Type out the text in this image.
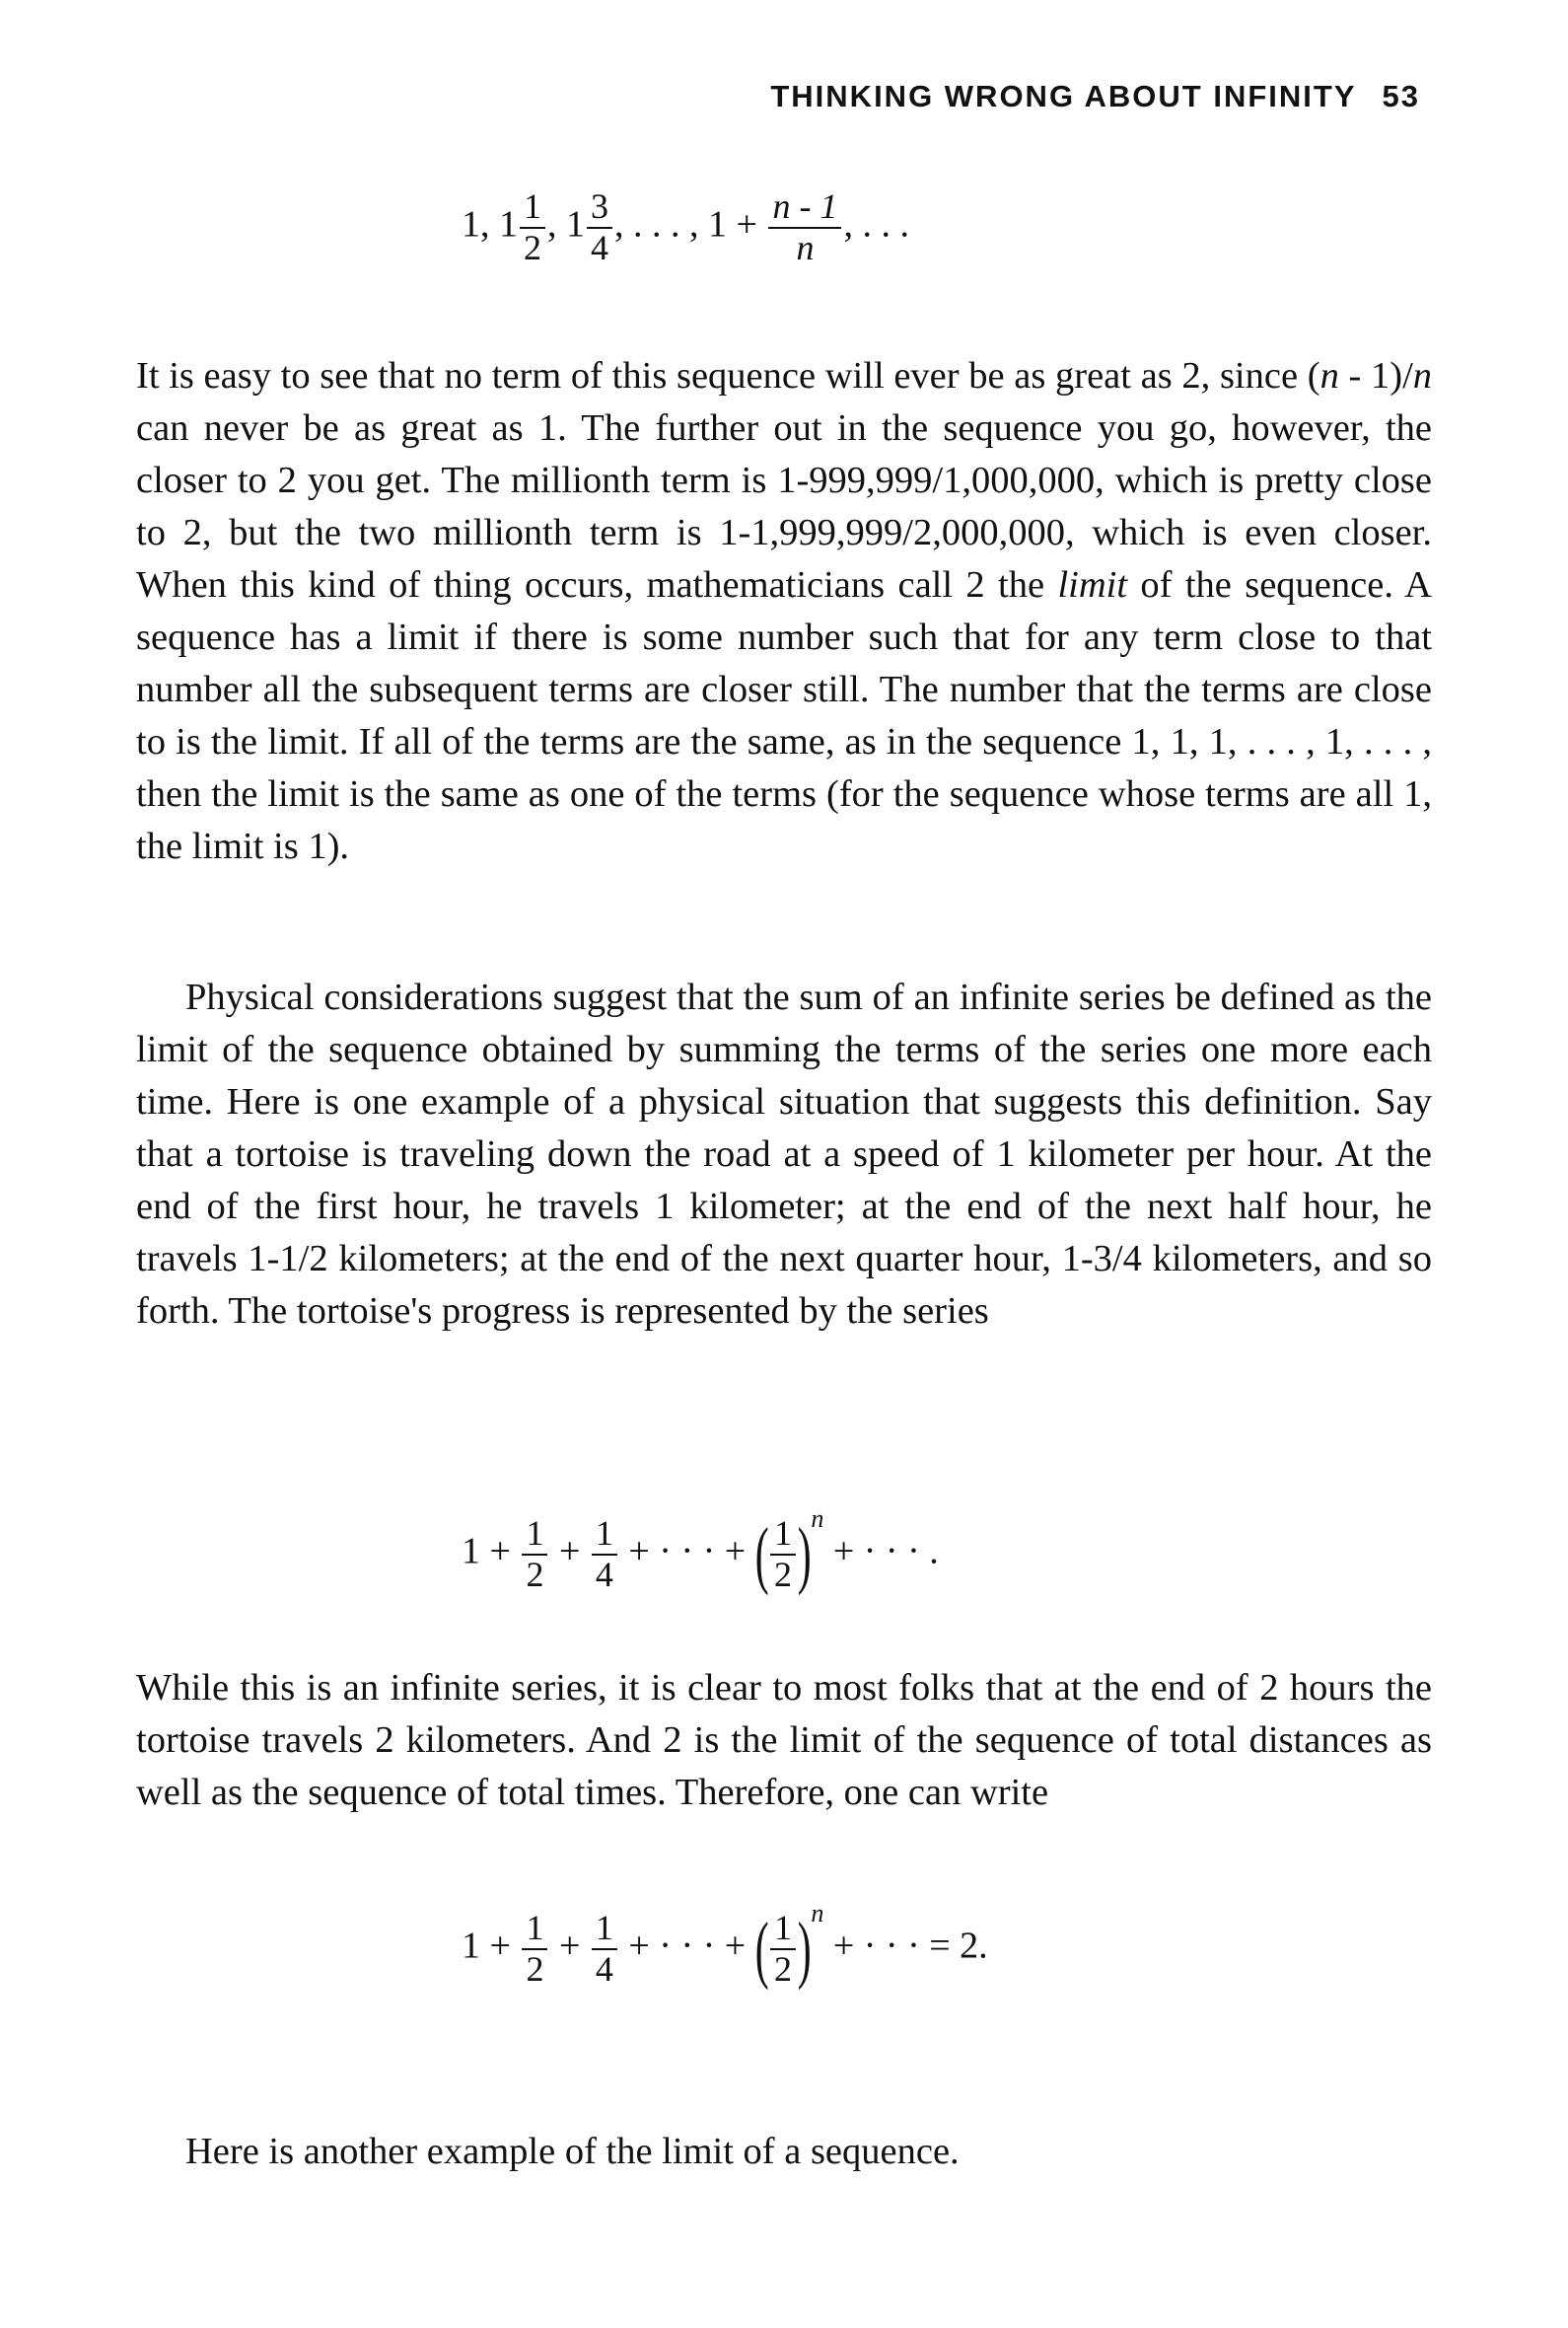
THINKING WRONG ABOUT INFINITY 53
1, $1 \frac{1}{2}$ , $1 \frac{3}{4}$ , . . . , $1 + \frac{n - 1}{n}$ , . . .

It is easy to see that no term of this sequence will ever be as great as 2, since (n - 1)/n can never be as great as 1. The further out in the sequence you go, however, the closer to 2 you get. The millionth term is 1-999,999/1,000,000, which is pretty close to 2, but the two millionth term is 1-1,999,999/2,000,000, which is even closer. When this kind of thing occurs, mathematicians call 2 the limit of the sequence. A sequence has a limit if there is some number such that for any term close to that number all the subsequent terms are closer still. The number that the terms are close to is the limit. If all of the terms are the same, as in the sequence 1, 1, 1, . . . , 1, . . . , then the limit is the same as one of the terms (for the sequence whose terms are all 1, the limit is 1).

Physical considerations suggest that the sum of an infinite series be defined as the limit of the sequence obtained by summing the terms of the series one more each time. Here is one example of a physical situation that suggests this definition. Say that a tortoise is traveling down the road at a speed of 1 kilometer per hour. At the end of the first hour, he travels 1 kilometer; at the end of the next half hour, he travels 1-1/2 kilometers; at the end of the next quarter hour, 1-3/4 kilometers, and so forth. The tortoise's progress is represented by the series

$1 + \frac{1}{2} + \frac{1}{4}$ + · · · + ( $\frac{1}{2} )n$ + · · · .

While this is an infinite series, it is clear to most folks that at the end of 2 hours the tortoise travels 2 kilometers. And 2 is the limit of the sequence of total distances as well as the sequence of total times. Therefore, one can write

$1 + \frac{1}{2} + \frac{1}{4}$ + · · · + ( $\frac{1}{2} )n$ + · · · = 2.

Here is another example of the limit of a sequence.
